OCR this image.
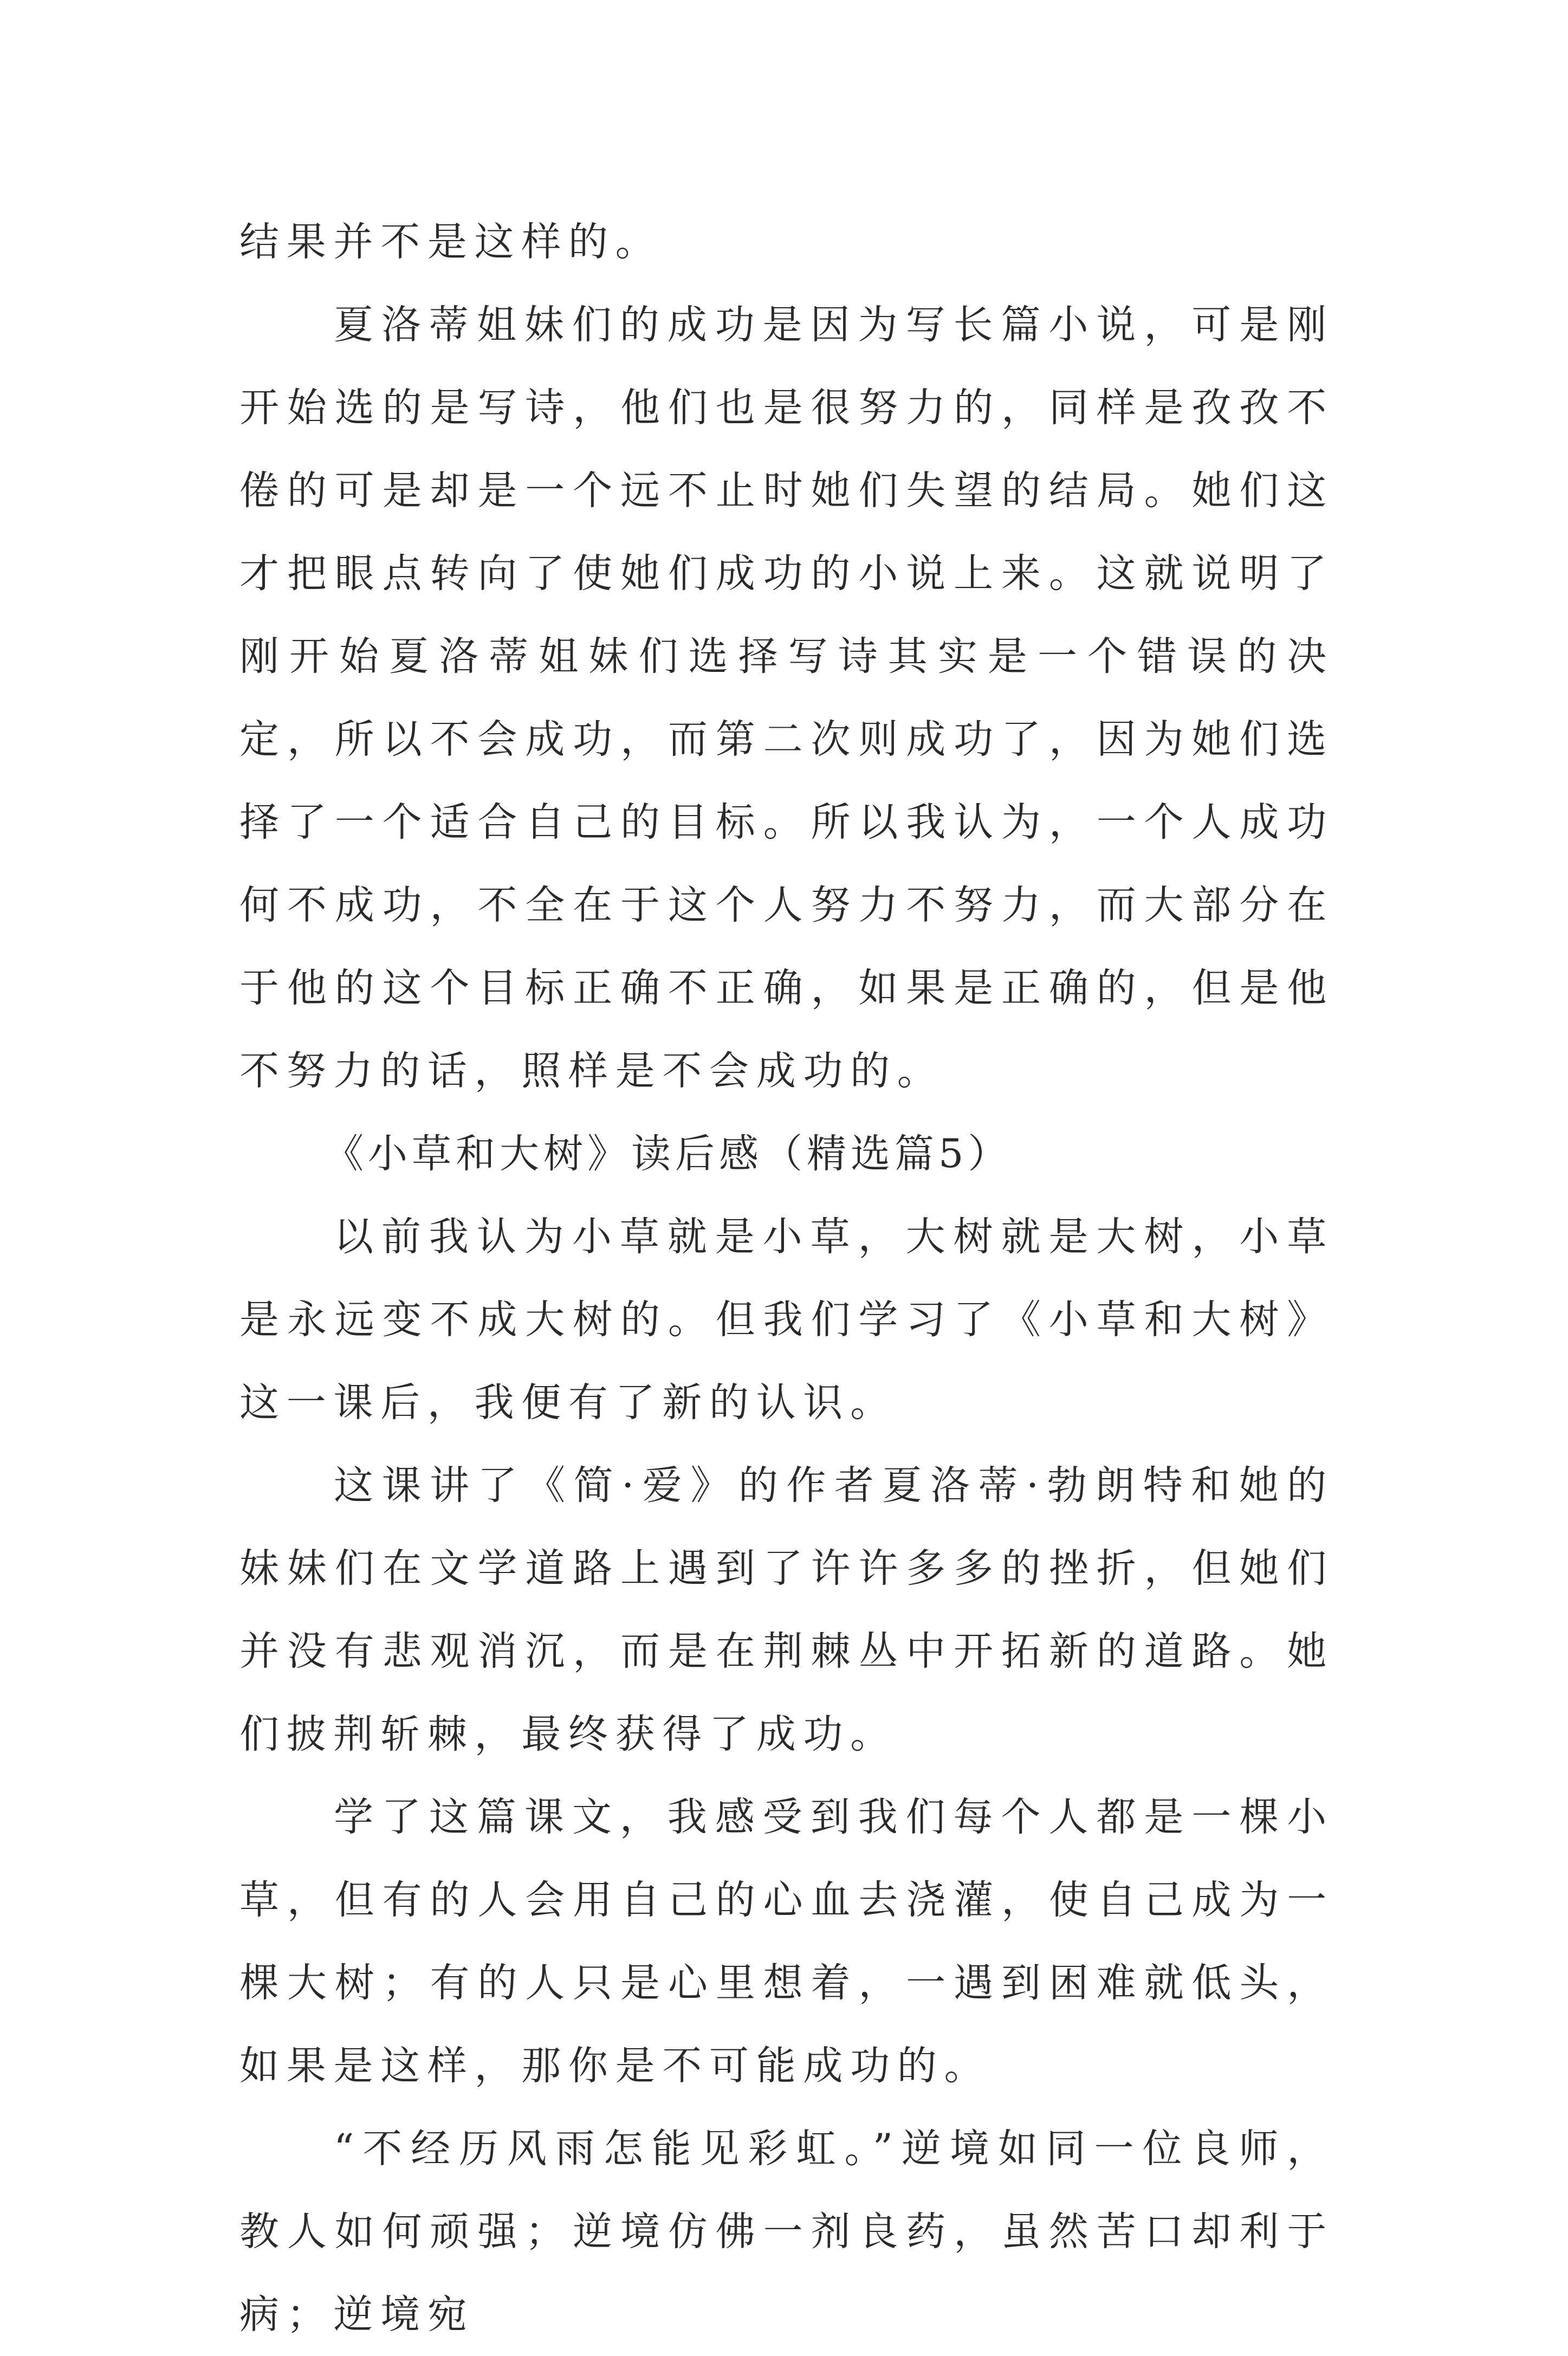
结果并不是这样的。

夏洛蒂姐妹们的成功是因为写长篇小说，可是刚开始选的是写诗，他们也是很努力的，同样是孜孜不倦的可是却是一个远不止时她们失望的结局。她们这才把眼点转向了使她们成功的小说上来。这就说明了刚开始夏洛蒂姐妹们选择写诗其实是一个错误的决定，所以不会成功，而第二次则成功了，因为她们选择了一个适合自己的目标。所以我认为，一个人成功何不成功，不全在于这个人努力不努力，而大部分在于他的这个目标正确不正确，如果是正确的，但是他不努力的话，照样是不会成功的。

《小草和大树》读后感（精选篇5）

以前我认为小草就是小草，大树就是大树，小草是永远变不成大树的。但我们学习了《小草和大树》这一课后，我便有了新的认识。

这课讲了《简·爱》的作者夏洛蒂·勃朗特和她的妹妹们在文学道路上遇到了许许多多的挫折，但她们并没有悲观消沉，而是在荆棘丛中开拓新的道路。她们披荆斩棘，最终获得了成功。

学了这篇课文，我感受到我们每个人都是一棵小草，但有的人会用自己的心血去浇灌，使自己成为一棵大树；有的人只是心里想着，一遇到困难就低头，如果是这样，那你是不可能成功的。

“不经历风雨怎能见彩虹。”逆境如同一位良师，教人如何顽强；逆境仿佛一剂良药，虽然苦口却利于病；逆境宛
